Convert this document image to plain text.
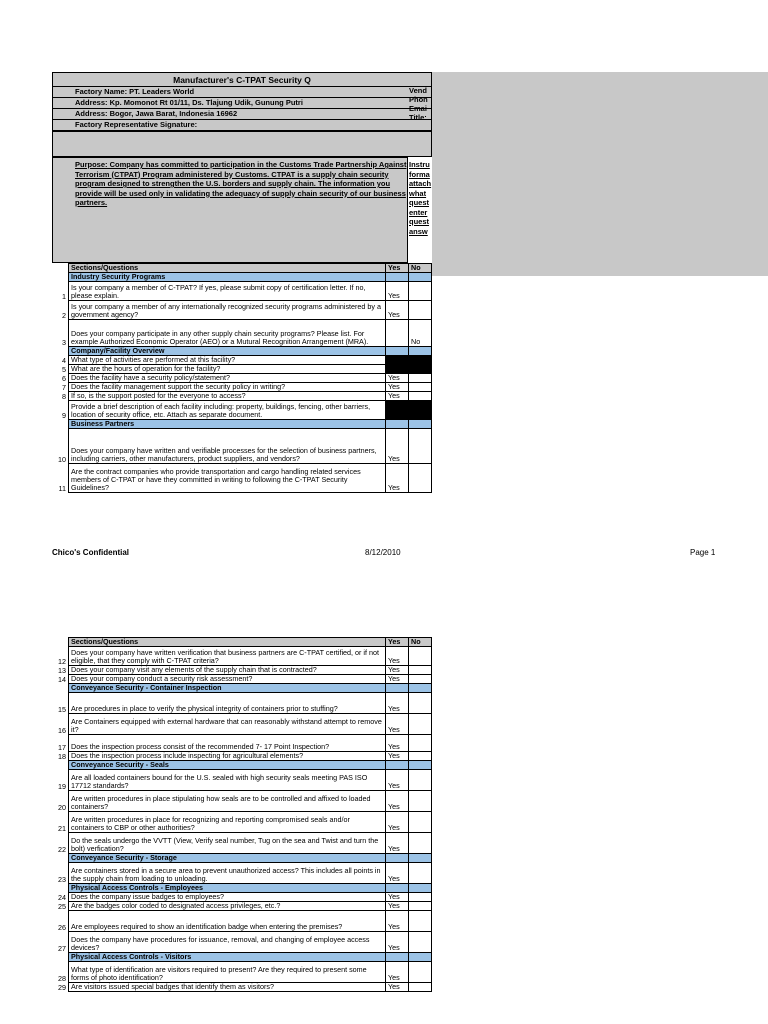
Manufacturer's C-TPAT Security Q
Factory Name: PT. Leaders World
Address: Kp. Momonot Rt 01/11, Ds. Tlajung Udik, Gunung Putri
Address: Bogor, Jawa Barat, Indonesia 16962
Factory Representative Signature:
Vend
Phon
Emai
Title:
Purpose: Company has committed to participation in the Customs Trade Partnership Against Terrorism (CTPAT) Program administered by Customs. CTPAT is a supply chain security program designed to strengthen the U.S. borders and supply chain. The information you provide will be used only in validating the adequacy of supply chain security of our business partners.
Instru
forma
attach
what
quest
enter
quest
answ
	Sections/Questions	Yes	No
	Industry Security Programs		
1	Is your company a member of C-TPAT? If yes, please submit copy of certification letter. If no, please explain.	Yes	
2	Is your company a member of any internationally recognized security programs administered by a government agency?	Yes	
3	Does your company participate in any other supply chain security programs? Please list. For example Authorized Economic Operator (AEO) or a Mutural Recognition Arrangement (MRA).		No
	Company/Facility Overview		
4	What type of activities are performed at this facility?		
5	What are the hours of operation for the facility?		
6	Does the facility have a security policy/statement?	Yes	
7	Does the facility management support the security policy in writing?	Yes	
8	If so, is the support posted for the everyone to access?	Yes	
9	Provide a brief description of each facility including: property, buildings, fencing, other barriers, location of security office, etc. Attach as separate document.		
	Business Partners		
10	Does your company have written and verifiable processes for the selection of business partners, including carriers, other manufacturers, product suppliers, and vendors?	Yes	
11	Are the contract companies who provide transportation and cargo handling related services members of C-TPAT or have they committed in writing to following the C-TPAT Security Guidelines?	Yes	
Chico's Confidential	8/12/2010	Page 1
	Sections/Questions	Yes	No
12	Does your company have written verification that business partners are C-TPAT certified, or if not eligible, that they comply with C-TPAT criteria?	Yes	
13	Does your company visit any elements of the supply chain that is contracted?	Yes	
14	Does your company conduct a security risk assessment?	Yes	
	Conveyance Security - Container Inspection		
15	Are procedures in place to verify the physical integrity of containers prior to stuffing?	Yes	
16	Are Containers equipped with external hardware that can reasonably withstand attempt to remove it?	Yes	
17	Does the inspection process consist of the recommended 7- 17 Point Inspection?	Yes	
18	Does the inspection process include inspecting for agricultural elements?	Yes	
	Conveyance Security - Seals		
19	Are all loaded containers bound for the U.S. sealed with high security seals meeting PAS ISO 17712 standards?	Yes	
20	Are written procedures in place stipulating how seals are to be controlled and affixed to loaded containers?	Yes	
21	Are written procedures in place for recognizing and reporting compromised seals and/or containers to CBP or other authorities?	Yes	
22	Do the seals undergo the VVTT (View, Verify seal number, Tug on the sea and Twist and turn the bolt) verfication?	Yes	
	Conveyance Security - Storage		
23	Are containers stored in a secure area to prevent unauthorized access? This includes all points in the supply chain from loading to unloading.	Yes	
	Physical Access Controls - Employees		
24	Does the company issue badges to employees?	Yes	
25	Are the badges color coded to designated access privileges, etc.?	Yes	
26	Are employees required to show an identification badge when entering the premises?	Yes	
27	Does the company have procedures for issuance, removal, and changing of employee access devices?	Yes	
	Physical Access Controls - Visitors		
28	What type of identification are visitors required to present? Are they required to present some forms of photo identification?	Yes	
29	Are visitors issued special badges that identify them as visitors?	Yes	
